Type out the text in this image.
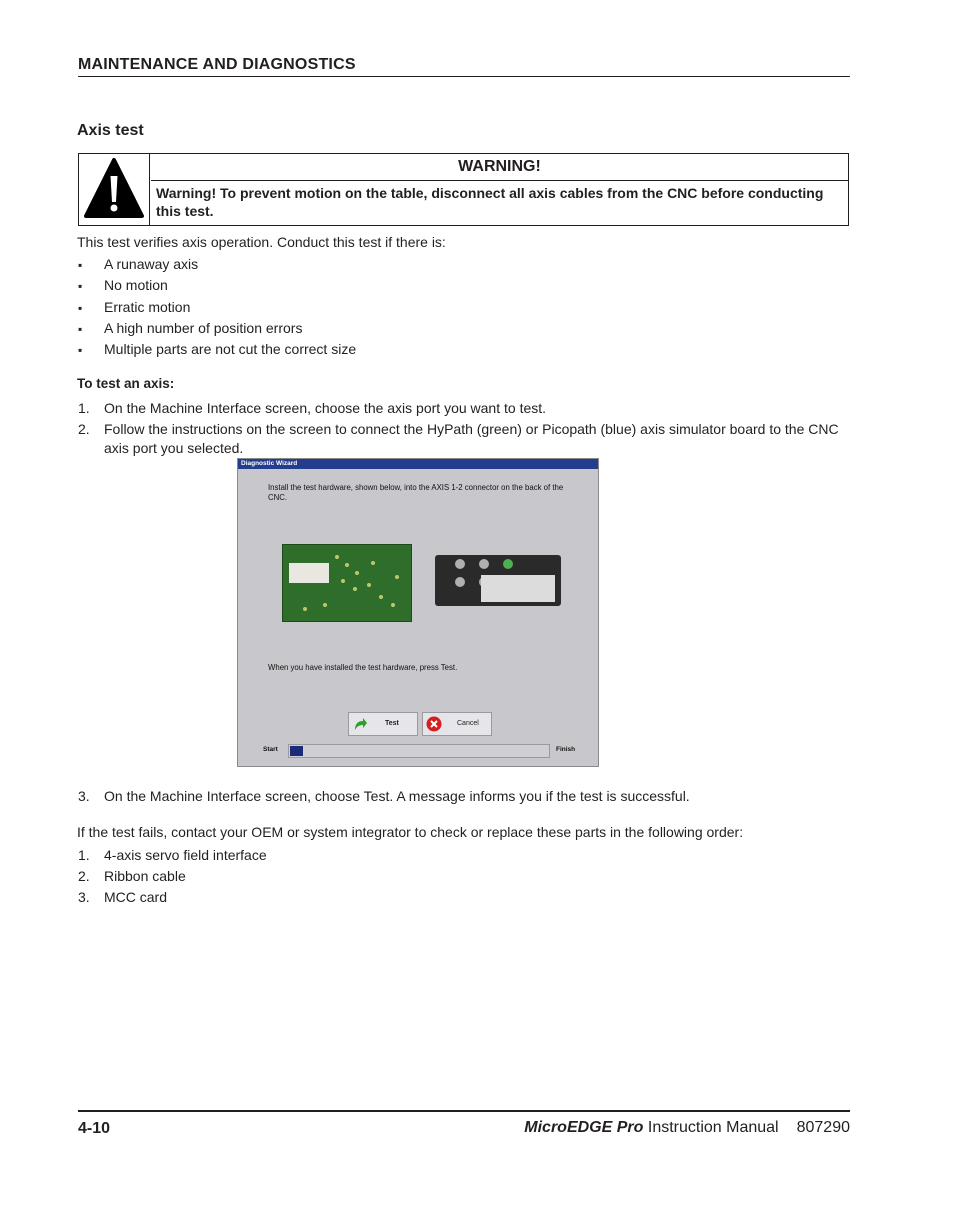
MAINTENANCE AND DIAGNOSTICS
Axis test
WARNING!
Warning! To prevent motion on the table, disconnect all axis cables from the CNC before conducting this test.
This test verifies axis operation. Conduct this test if there is:
▪ A runaway axis
▪ No motion
▪ Erratic motion
▪ A high number of position errors
▪ Multiple parts are not cut the correct size
To test an axis:
1. On the Machine Interface screen, choose the axis port you want to test.
2. Follow the instructions on the screen to connect the HyPath (green) or Picopath (blue) axis simulator board to the CNC axis port you selected.
Diagnostic Wizard
Install the test hardware, shown below, into the AXIS 1-2 connector on the back of the CNC.
When you have installed the test hardware, press Test.
Test	Cancel
Start	Finish
3. On the Machine Interface screen, choose Test. A message informs you if the test is successful.
If the test fails, contact your OEM or system integrator to check or replace these parts in the following order:
1. 4-axis servo field interface
2. Ribbon cable
3. MCC card
4-10	MicroEDGE Pro Instruction Manual 807290
